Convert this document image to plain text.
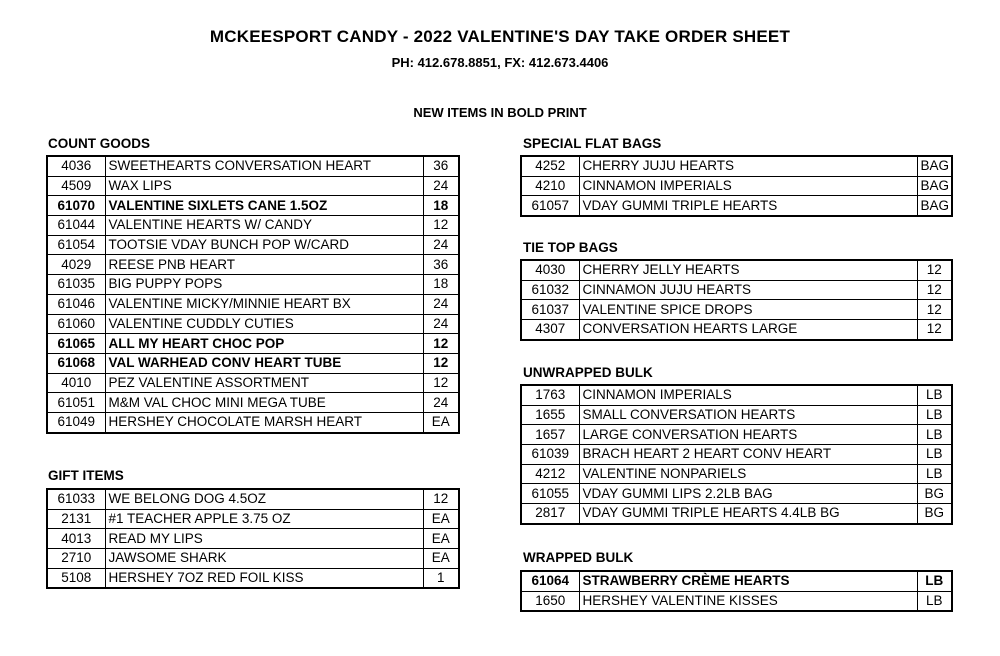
MCKEESPORT CANDY - 2022 VALENTINE'S DAY TAKE ORDER SHEET
PH: 412.678.8851, FX: 412.673.4406
NEW ITEMS IN BOLD PRINT
COUNT GOODS
4036	SWEETHEARTS CONVERSATION HEART	36
4509	WAX LIPS	24
61070	VALENTINE SIXLETS CANE 1.5OZ	18
61044	VALENTINE HEARTS W/ CANDY	12
61054	TOOTSIE VDAY BUNCH POP W/CARD	24
4029	REESE PNB HEART	36
61035	BIG PUPPY POPS	18
61046	VALENTINE MICKY/MINNIE HEART BX	24
61060	VALENTINE CUDDLY CUTIES	24
61065	ALL MY HEART CHOC POP	12
61068	VAL WARHEAD CONV HEART TUBE	12
4010	PEZ VALENTINE ASSORTMENT	12
61051	M&M VAL CHOC MINI MEGA TUBE	24
61049	HERSHEY CHOCOLATE MARSH HEART	EA
GIFT ITEMS
61033	WE BELONG DOG 4.5OZ	12
2131	#1 TEACHER APPLE 3.75 OZ	EA
4013	READ MY LIPS	EA
2710	JAWSOME SHARK	EA
5108	HERSHEY 7OZ RED FOIL KISS	1
SPECIAL FLAT BAGS
4252	CHERRY JUJU HEARTS	BAG
4210	CINNAMON IMPERIALS	BAG
61057	VDAY GUMMI TRIPLE HEARTS	BAG
TIE TOP BAGS
4030	CHERRY JELLY HEARTS	12
61032	CINNAMON JUJU HEARTS	12
61037	VALENTINE SPICE DROPS	12
4307	CONVERSATION HEARTS LARGE	12
UNWRAPPED BULK
1763	CINNAMON IMPERIALS	LB
1655	SMALL CONVERSATION HEARTS	LB
1657	LARGE CONVERSATION HEARTS	LB
61039	BRACH HEART 2 HEART CONV HEART	LB
4212	VALENTINE NONPARIELS	LB
61055	VDAY GUMMI LIPS 2.2LB BAG	BG
2817	VDAY GUMMI TRIPLE HEARTS 4.4LB BG	BG
WRAPPED BULK
61064	STRAWBERRY CRÈME HEARTS	LB
1650	HERSHEY VALENTINE KISSES	LB
